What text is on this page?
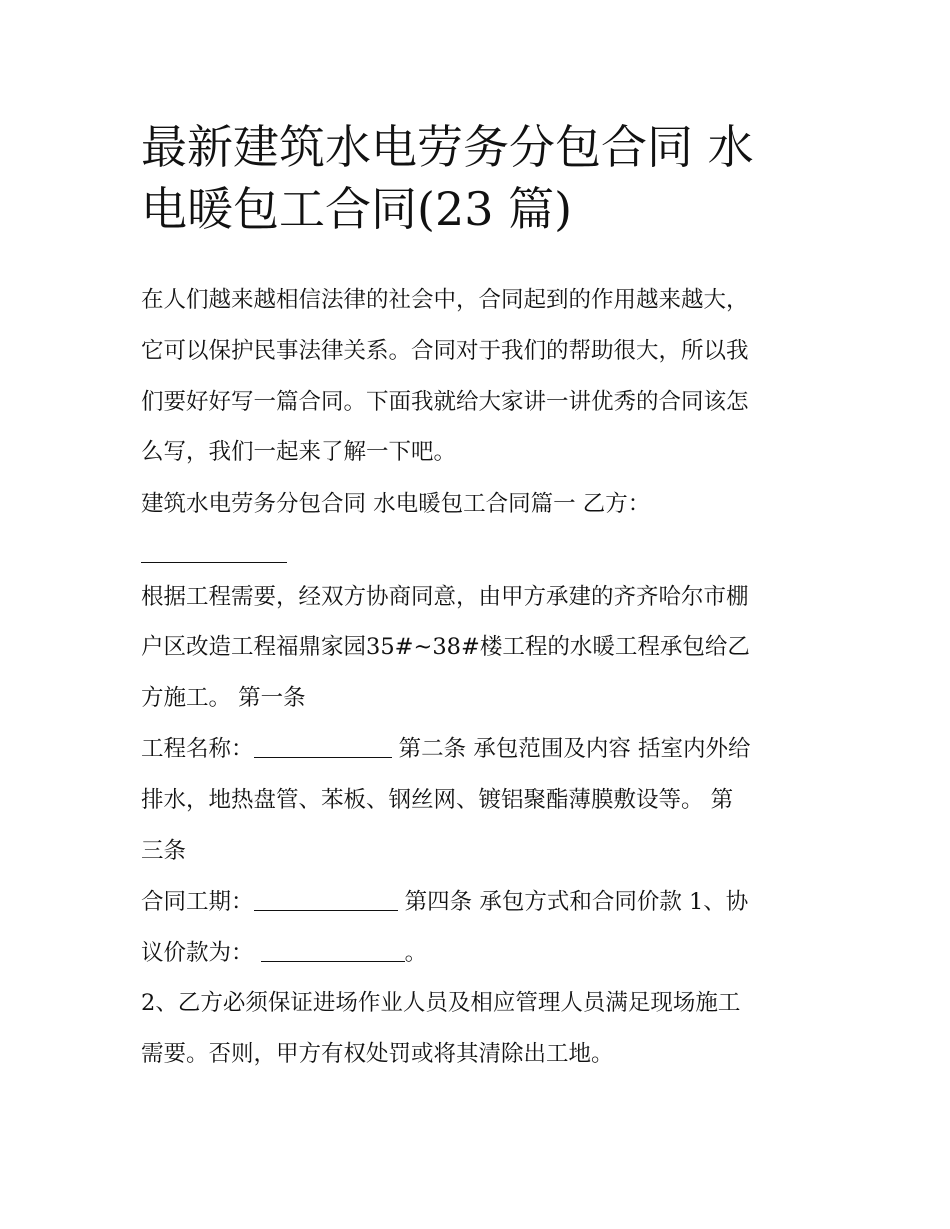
最新建筑水电劳务分包合同 水
电暖包工合同(23 篇)
在人们越来越相信法律的社会中，合同起到的作用越来越大，
它可以保护民事法律关系。合同对于我们的帮助很大，所以我
们要好好写一篇合同。下面我就给大家讲一讲优秀的合同该怎
么写，我们一起来了解一下吧。
建筑水电劳务分包合同 水电暖包工合同篇一 乙方：
根据工程需要，经双方协商同意，由甲方承建的齐齐哈尔市棚
户区改造工程福鼎家园35#~38#楼工程的水暖工程承包给乙
方施工。 第一条
工程名称：	第二条 承包范围及内容 括室内外给
排水，地热盘管、苯板、钢丝网、镀铝聚酯薄膜敷设等。 第
三条
合同工期：	第四条 承包方式和合同价款 1、协
议价款为：	。
2、乙方必须保证进场作业人员及相应管理人员满足现场施工
需要。否则，甲方有权处罚或将其清除出工地。
